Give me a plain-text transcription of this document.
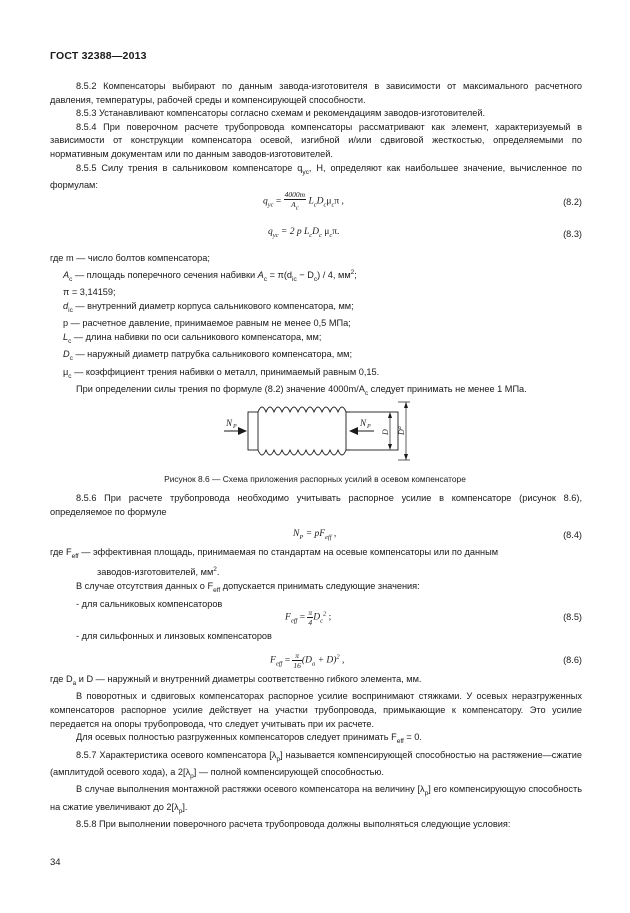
ГОСТ 32388—2013

8.5.2 Компенсаторы выбирают по данным завода-изготовителя в зависимости от максимального расчетного давления, температуры, рабочей среды и компенсирующей способности.

8.5.3 Устанавливают компенсаторы согласно схемам и рекомендациям заводов-изготовителей.

8.5.4 При поверочном расчете трубопровода компенсаторы рассматривают как элемент, характеризуемый в зависимости от конструкции компенсатора осевой, изгибной и/или сдвиговой жесткостью, определяемыми по нормативным документам или по данным заводов-изготовителей.

8.5.5 Силу трения в сальниковом компенсаторе $q_{ус}$, Н, определяют как наибольшее значение, вычисленное по формулам:

$q_{ус} = \frac{4000m}{A_c} L_cD_c\mu_c\pi$ ,	(8.2)
$q_{ус} = 2$ p $L_cD_c$ $\mu_c\pi$.	(8.3)

где m — число болтов компенсатора;

$A_c$ — площадь поперечного сечения набивки $A_c = \pi(d_{ic} - D_c) / 4$, $мм^2$;

π = 3,14159;

$d_{ic}$ — внутренний диаметр корпуса сальникового компенсатора, мм;

p — расчетное давление, принимаемое равным не менее 0,5 МПа;

$L_c$ — длина набивки по оси сальникового компенсатора, мм;

$D_c$ — наружный диаметр патрубка сальникового компенсатора, мм;

$\mu_c$ — коэффициент трения набивки о металл, принимаемый равным 0,15.

При определении силы трения по формуле (8.2) значение $4000m/A_c$ следует принимать не менее 1 МПа.

N P	N P
D D
a
Рисунок 8.6 — Схема приложения распорных усилий в осевом компенсаторе

8.5.6 При расчете трубопровода необходимо учитывать распорное усилие в компенсаторе (рисунок 8.6), определяемое по формуле

$N_P = pF_{eff}$ ,	(8.4)

где $F_{eff}$ — эффективная площадь, принимаемая по стандартам на осевые компенсаторы или по данным

заводов-изготовителей, $мм^2$.

В случае отсутствия данных о $F_{eff}$ допускается принимать следующие значения:

- для сальниковых компенсаторов

$F_{eff} = \frac{\pi}{4} D_c^2$ ;	(8.5)

- для сильфонных и линзовых компенсаторов

$F_{eff} = \frac{\pi}{16} (D_a + D)^2$ ,	(8.6)

где $D_a$ и D — наружный и внутренний диаметры соответственно гибкого элемента, мм.

В поворотных и сдвиговых компенсаторах распорное усилие воспринимают стяжками. У осевых неразгруженных компенсаторов распорное усилие действует на участки трубопровода, примыкающие к компенсатору. Это усилие передается на опоры трубопровода, что следует учитывать при их расчете.

Для осевых полностью разгруженных компенсаторов следует принимать $F_{eff} = 0$.

8.5.7 Характеристика осевого компенсатора $[\lambda_р]$ называется компенсирующей способностью на растяжение—сжатие (амплитудой осевого хода), а $2[\lambda_р]$ — полной компенсирующей способностью.

В случае выполнения монтажной растяжки осевого компенсатора на величину $[\lambda_р]$ его компенсирующую способность на сжатие увеличивают до $2[\lambda_р]$.

8.5.8 При выполнении поверочного расчета трубопровода должны выполняться следующие условия:

34
